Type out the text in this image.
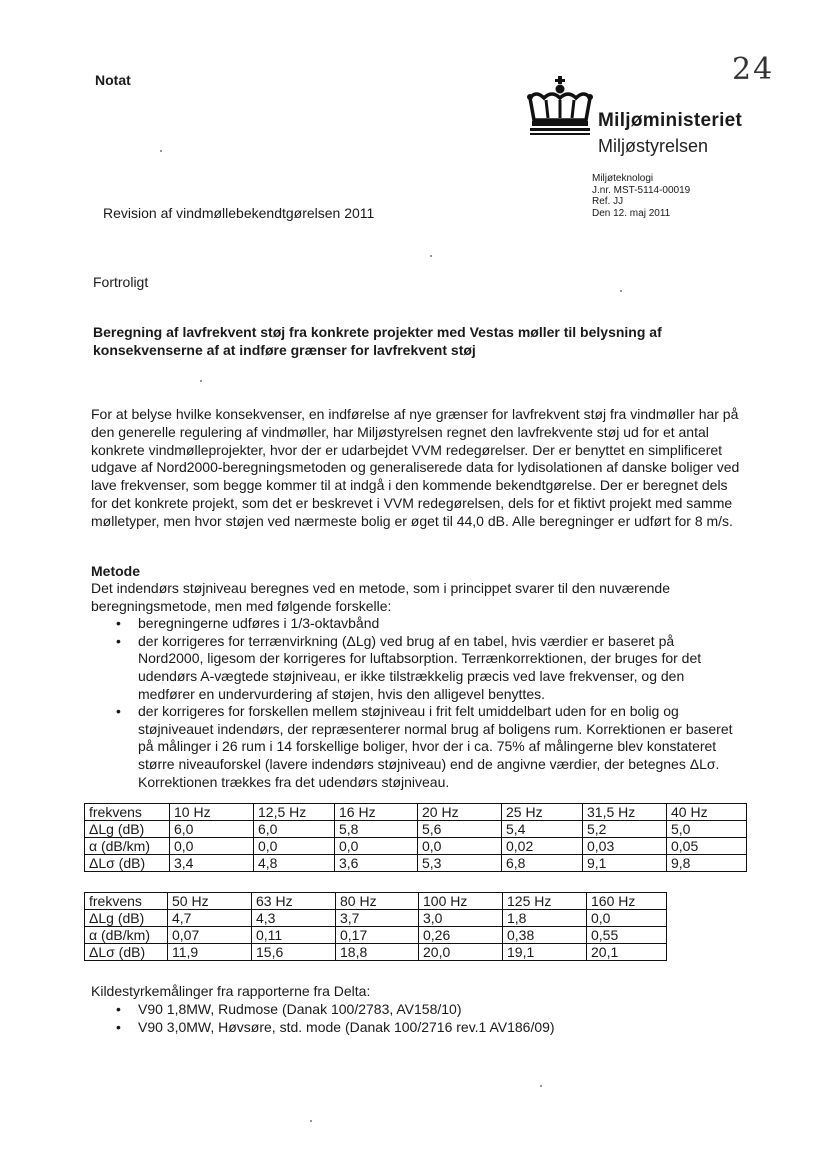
Notat	24
Miljøministeriet
Miljøstyrelsen
Miljøteknologi
J.nr. MST-5114-00019
Ref. JJ
Den 12. maj 2011
Revision af vindmøllebekendtgørelsen 2011
Fortroligt
Beregning af lavfrekvent støj fra konkrete projekter med Vestas møller til belysning af konsekvenserne af at indføre grænser for lavfrekvent støj
For at belyse hvilke konsekvenser, en indførelse af nye grænser for lavfrekvent støj fra vindmøller har på den generelle regulering af vindmøller, har Miljøstyrelsen regnet den lavfrekvente støj ud for et antal konkrete vindmølleprojekter, hvor der er udarbejdet VVM redegørelser. Der er benyttet en simplificeret udgave af Nord2000-beregningsmetoden og generaliserede data for lydisolationen af danske boliger ved lave frekvenser, som begge kommer til at indgå i den kommende bekendtgørelse. Der er beregnet dels for det konkrete projekt, som det er beskrevet i VVM redegørelsen, dels for et fiktivt projekt med samme mølletyper, men hvor støjen ved nærmeste bolig er øget til 44,0 dB. Alle beregninger er udført for 8 m/s.
Metode
Det indendørs støjniveau beregnes ved en metode, som i princippet svarer til den nuværende beregningsmetode, men med følgende forskelle:
• beregningerne udføres i 1/3-oktavbånd
• der korrigeres for terrænvirkning (ΔLg) ved brug af en tabel, hvis værdier er baseret på Nord2000, ligesom der korrigeres for luftabsorption. Terrænkorrektionen, der bruges for det udendørs A-vægtede støjniveau, er ikke tilstrækkelig præcis ved lave frekvenser, og den medfører en undervurdering af støjen, hvis den alligevel benyttes.
• der korrigeres for forskellen mellem støjniveau i frit felt umiddelbart uden for en bolig og støjniveauet indendørs, der repræsenterer normal brug af boligens rum. Korrektionen er baseret på målinger i 26 rum i 14 forskellige boliger, hvor der i ca. 75% af målingerne blev konstateret større niveauforskel (lavere indendørs støjniveau) end de angivne værdier, der betegnes ΔLσ. Korrektionen trækkes fra det udendørs støjniveau.
frekvens	10 Hz	12,5 Hz	16 Hz	20 Hz	25 Hz	31,5 Hz	40 Hz
ΔLg (dB)	6,0	6,0	5,8	5,6	5,4	5,2	5,0
α (dB/km)	0,0	0,0	0,0	0,0	0,02	0,03	0,05
ΔLσ (dB)	3,4	4,8	3,6	5,3	6,8	9,1	9,8
frekvens	50 Hz	63 Hz	80 Hz	100 Hz	125 Hz	160 Hz
ΔLg (dB)	4,7	4,3	3,7	3,0	1,8	0,0
α (dB/km)	0,07	0,11	0,17	0,26	0,38	0,55
ΔLσ (dB)	11,9	15,6	18,8	20,0	19,1	20,1
Kildestyrkemålinger fra rapporterne fra Delta:
• V90 1,8MW, Rudmose (Danak 100/2783, AV158/10)
• V90 3,0MW, Høvsøre, std. mode (Danak 100/2716 rev.1 AV186/09)
